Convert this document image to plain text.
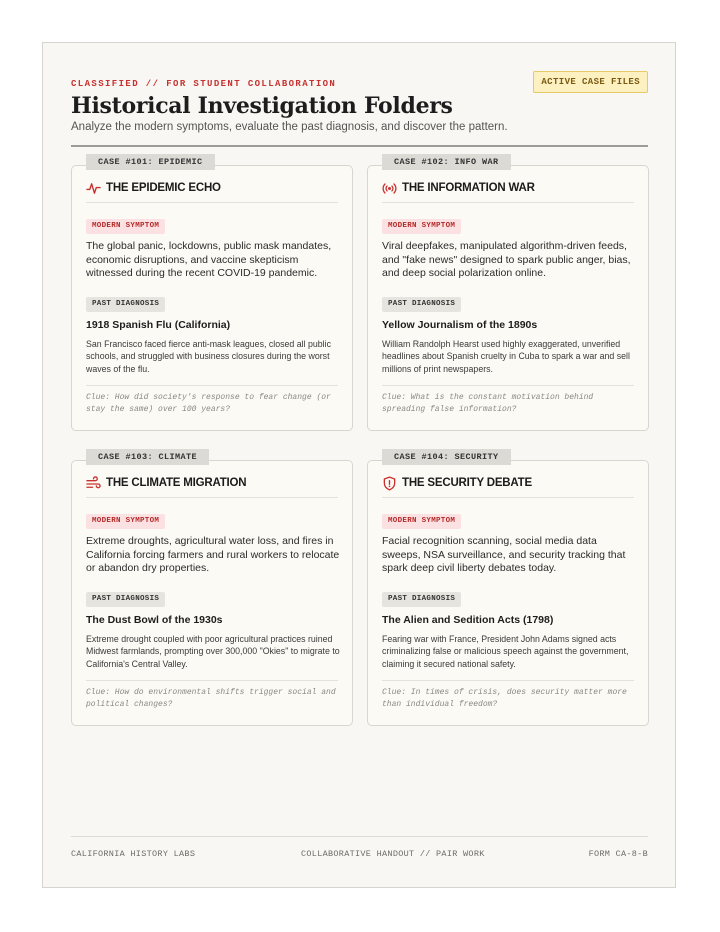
CLASSIFIED // FOR STUDENT COLLABORATION	ACTIVE CASE FILES
Historical Investigation Folders
Analyze the modern symptoms, evaluate the past diagnosis, and discover the pattern.
CASE #101: EPIDEMIC
THE EPIDEMIC ECHO
MODERN SYMPTOM
The global panic, lockdowns, public mask mandates, economic disruptions, and vaccine skepticism witnessed during the recent COVID-19 pandemic.
PAST DIAGNOSIS
1918 Spanish Flu (California)
San Francisco faced fierce anti-mask leagues, closed all public schools, and struggled with business closures during the worst waves of the flu.
Clue: How did society's response to fear change (or stay the same) over 100 years?
CASE #102: INFO WAR
THE INFORMATION WAR
MODERN SYMPTOM
Viral deepfakes, manipulated algorithm-driven feeds, and "fake news" designed to spark public anger, bias, and deep social polarization online.
PAST DIAGNOSIS
Yellow Journalism of the 1890s
William Randolph Hearst used highly exaggerated, unverified headlines about Spanish cruelty in Cuba to spark a war and sell millions of print newspapers.
Clue: What is the constant motivation behind spreading false information?
CASE #103: CLIMATE
THE CLIMATE MIGRATION
MODERN SYMPTOM
Extreme droughts, agricultural water loss, and fires in California forcing farmers and rural workers to relocate or abandon dry properties.
PAST DIAGNOSIS
The Dust Bowl of the 1930s
Extreme drought coupled with poor agricultural practices ruined Midwest farmlands, prompting over 300,000 "Okies" to migrate to California's Central Valley.
Clue: How do environmental shifts trigger social and political changes?
CASE #104: SECURITY
THE SECURITY DEBATE
MODERN SYMPTOM
Facial recognition scanning, social media data sweeps, NSA surveillance, and security tracking that spark deep civil liberty debates today.
PAST DIAGNOSIS
The Alien and Sedition Acts (1798)
Fearing war with France, President John Adams signed acts criminalizing false or malicious speech against the government, claiming it secured national safety.
Clue: In times of crisis, does security matter more than individual freedom?
CALIFORNIA HISTORY LABS	COLLABORATIVE HANDOUT // PAIR WORK	FORM CA-8-B
